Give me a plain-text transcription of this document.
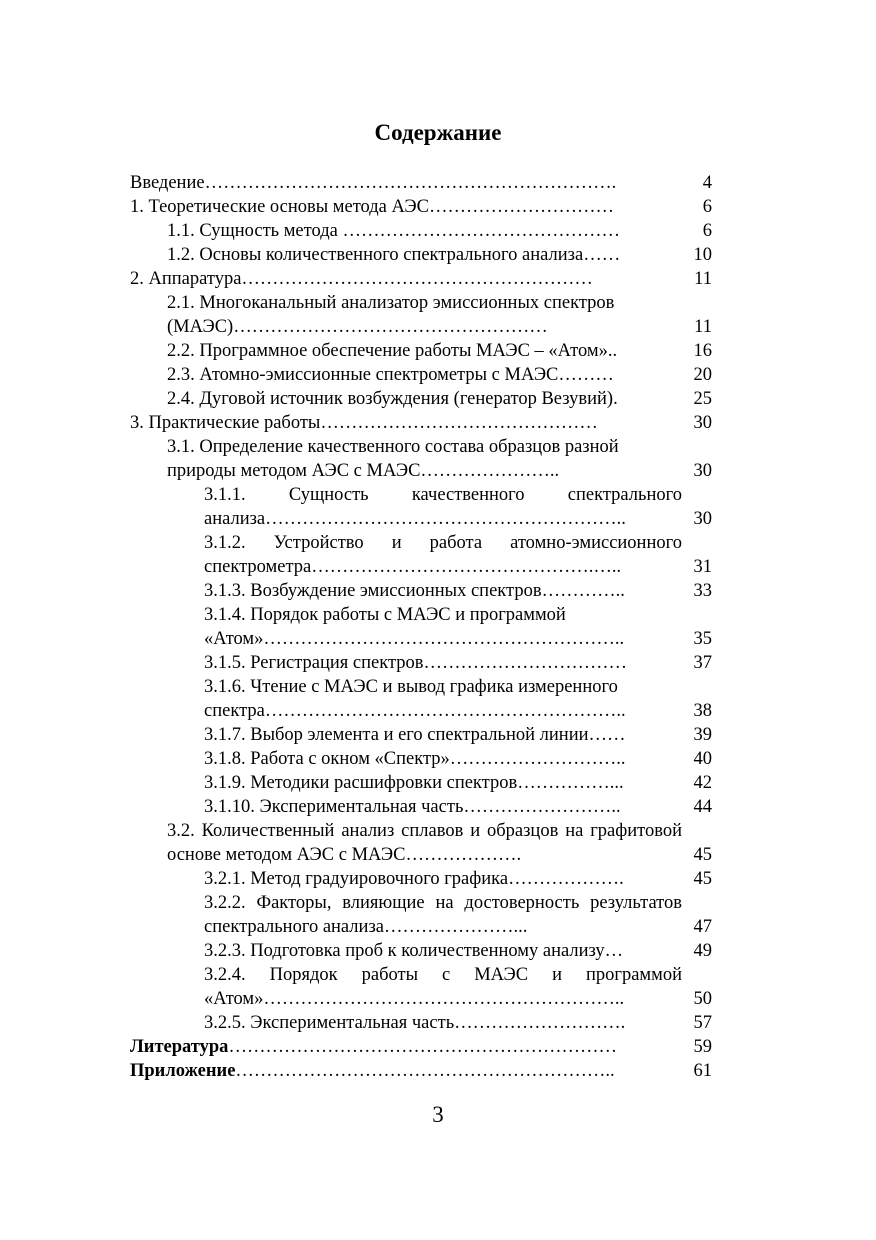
Содержание
Введение………………………………………………………….	4
1. Теоретические основы метода АЭС…………………………	6
1.1. Сущность метода ………………………………………	6
1.2. Основы количественного спектрального анализа……	10
2. Аппаратура…………………………………………………	11
2.1. Многоканальный анализатор эмиссионных спектров (МАЭС)……………………………………………	11
2.2. Программное обеспечение работы МАЭС – «Атом»..	16
2.3. Атомно-эмиссионные спектрометры с МАЭС………	20
2.4. Дуговой источник возбуждения (генератор Везувий).	25
3. Практические работы………………………………………	30
3.1. Определение качественного состава образцов разной природы методом АЭС с МАЭС…………………..	30
3.1.1. Сущность качественного спектрального анализа…………………………………………………..	30
3.1.2. Устройство и работа атомно-эмиссионного спектрометра……………………………………….…..	31
3.1.3. Возбуждение эмиссионных спектров…………..	33
3.1.4. Порядок работы с МАЭС и программой «Атом»…………………………………………………..	35
3.1.5. Регистрация спектров……………………………	37
3.1.6. Чтение с МАЭС и вывод графика измеренного спектра…………………………………………………..	38
3.1.7. Выбор элемента и его спектральной линии……	39
3.1.8. Работа с окном «Спектр»………………………..	40
3.1.9. Методики расшифровки спектров……………...	42
3.1.10. Экспериментальная часть……………………..	44
3.2. Количественный анализ сплавов и образцов на графитовой основе методом АЭС с МАЭС……………….	45
3.2.1. Метод градуировочного графика……………….	45
3.2.2. Факторы, влияющие на достоверность результатов спектрального анализа…………………...	47
3.2.3. Подготовка проб к количественному анализу…	49
3.2.4. Порядок работы с МАЭС и программой «Атом»…………………………………………………..	50
3.2.5. Экспериментальная часть……………………….	57
Литература………………………………………………………	59
Приложение……………………………………………………..	61
3
